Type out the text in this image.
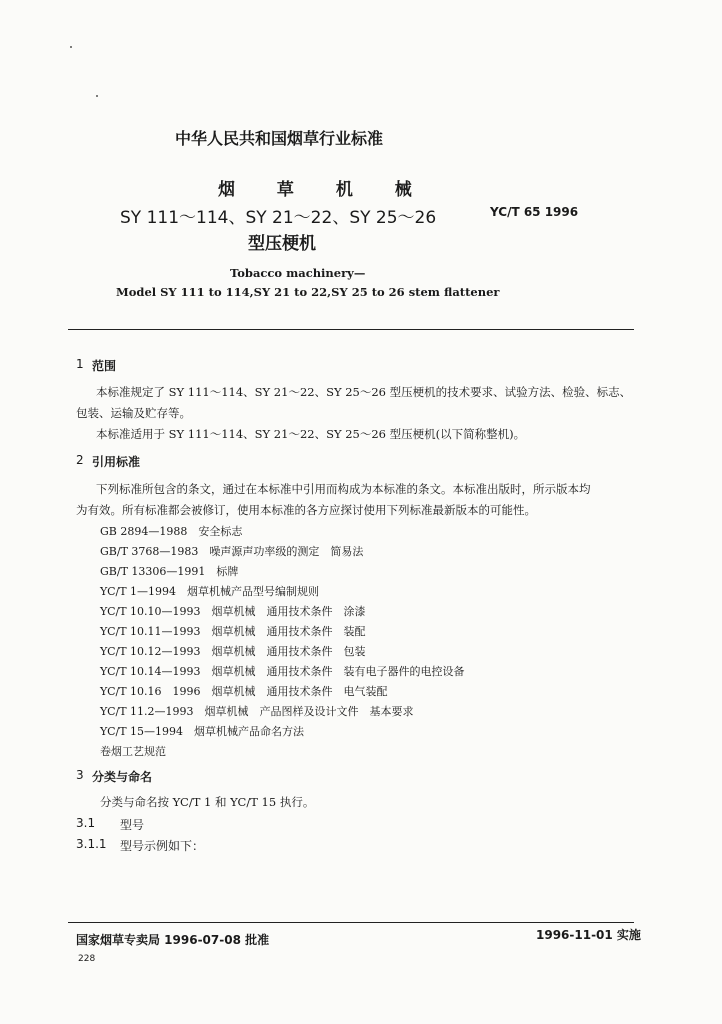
中华人民共和国烟草行业标准
烟 草 机 械
SY 111～114、SY 21～22、SY 25～26
型压梗机
YC/T 65 1996
Tobacco machinery—
Model SY 111 to 114,SY 21 to 22,SY 25 to 26 stem flattener
1 范围
本标准规定了 SY 111～114、SY 21～22、SY 25～26 型压梗机的技术要求、试验方法、检验、标志、
包装、运输及贮存等。
本标准适用于 SY 111～114、SY 21～22、SY 25～26 型压梗机(以下简称整机)。
2 引用标准
下列标准所包含的条文，通过在本标准中引用而构成为本标准的条文。本标准出版时，所示版本均
为有效。所有标准都会被修订，使用本标准的各方应探讨使用下列标准最新版本的可能性。
GB 2894—1988　安全标志
GB/T 3768—1983　噪声源声功率级的测定　简易法
GB/T 13306—1991　标牌
YC/T 1—1994　烟草机械产品型号编制规则
YC/T 10.10—1993　烟草机械　通用技术条件　涂漆
YC/T 10.11—1993　烟草机械　通用技术条件　装配
YC/T 10.12—1993　烟草机械　通用技术条件　包装
YC/T 10.14—1993　烟草机械　通用技术条件　装有电子器件的电控设备
YC/T 10.16　1996　烟草机械　通用技术条件　电气装配
YC/T 11.2—1993　烟草机械　产品图样及设计文件　基本要求
YC/T 15—1994　烟草机械产品命名方法
卷烟工艺规范
3 分类与命名
分类与命名按 YC/T 1 和 YC/T 15 执行。
3.1 型号
3.1.1 型号示例如下：
国家烟草专卖局 1996-07-08 批准	1996-11-01 实施
228
